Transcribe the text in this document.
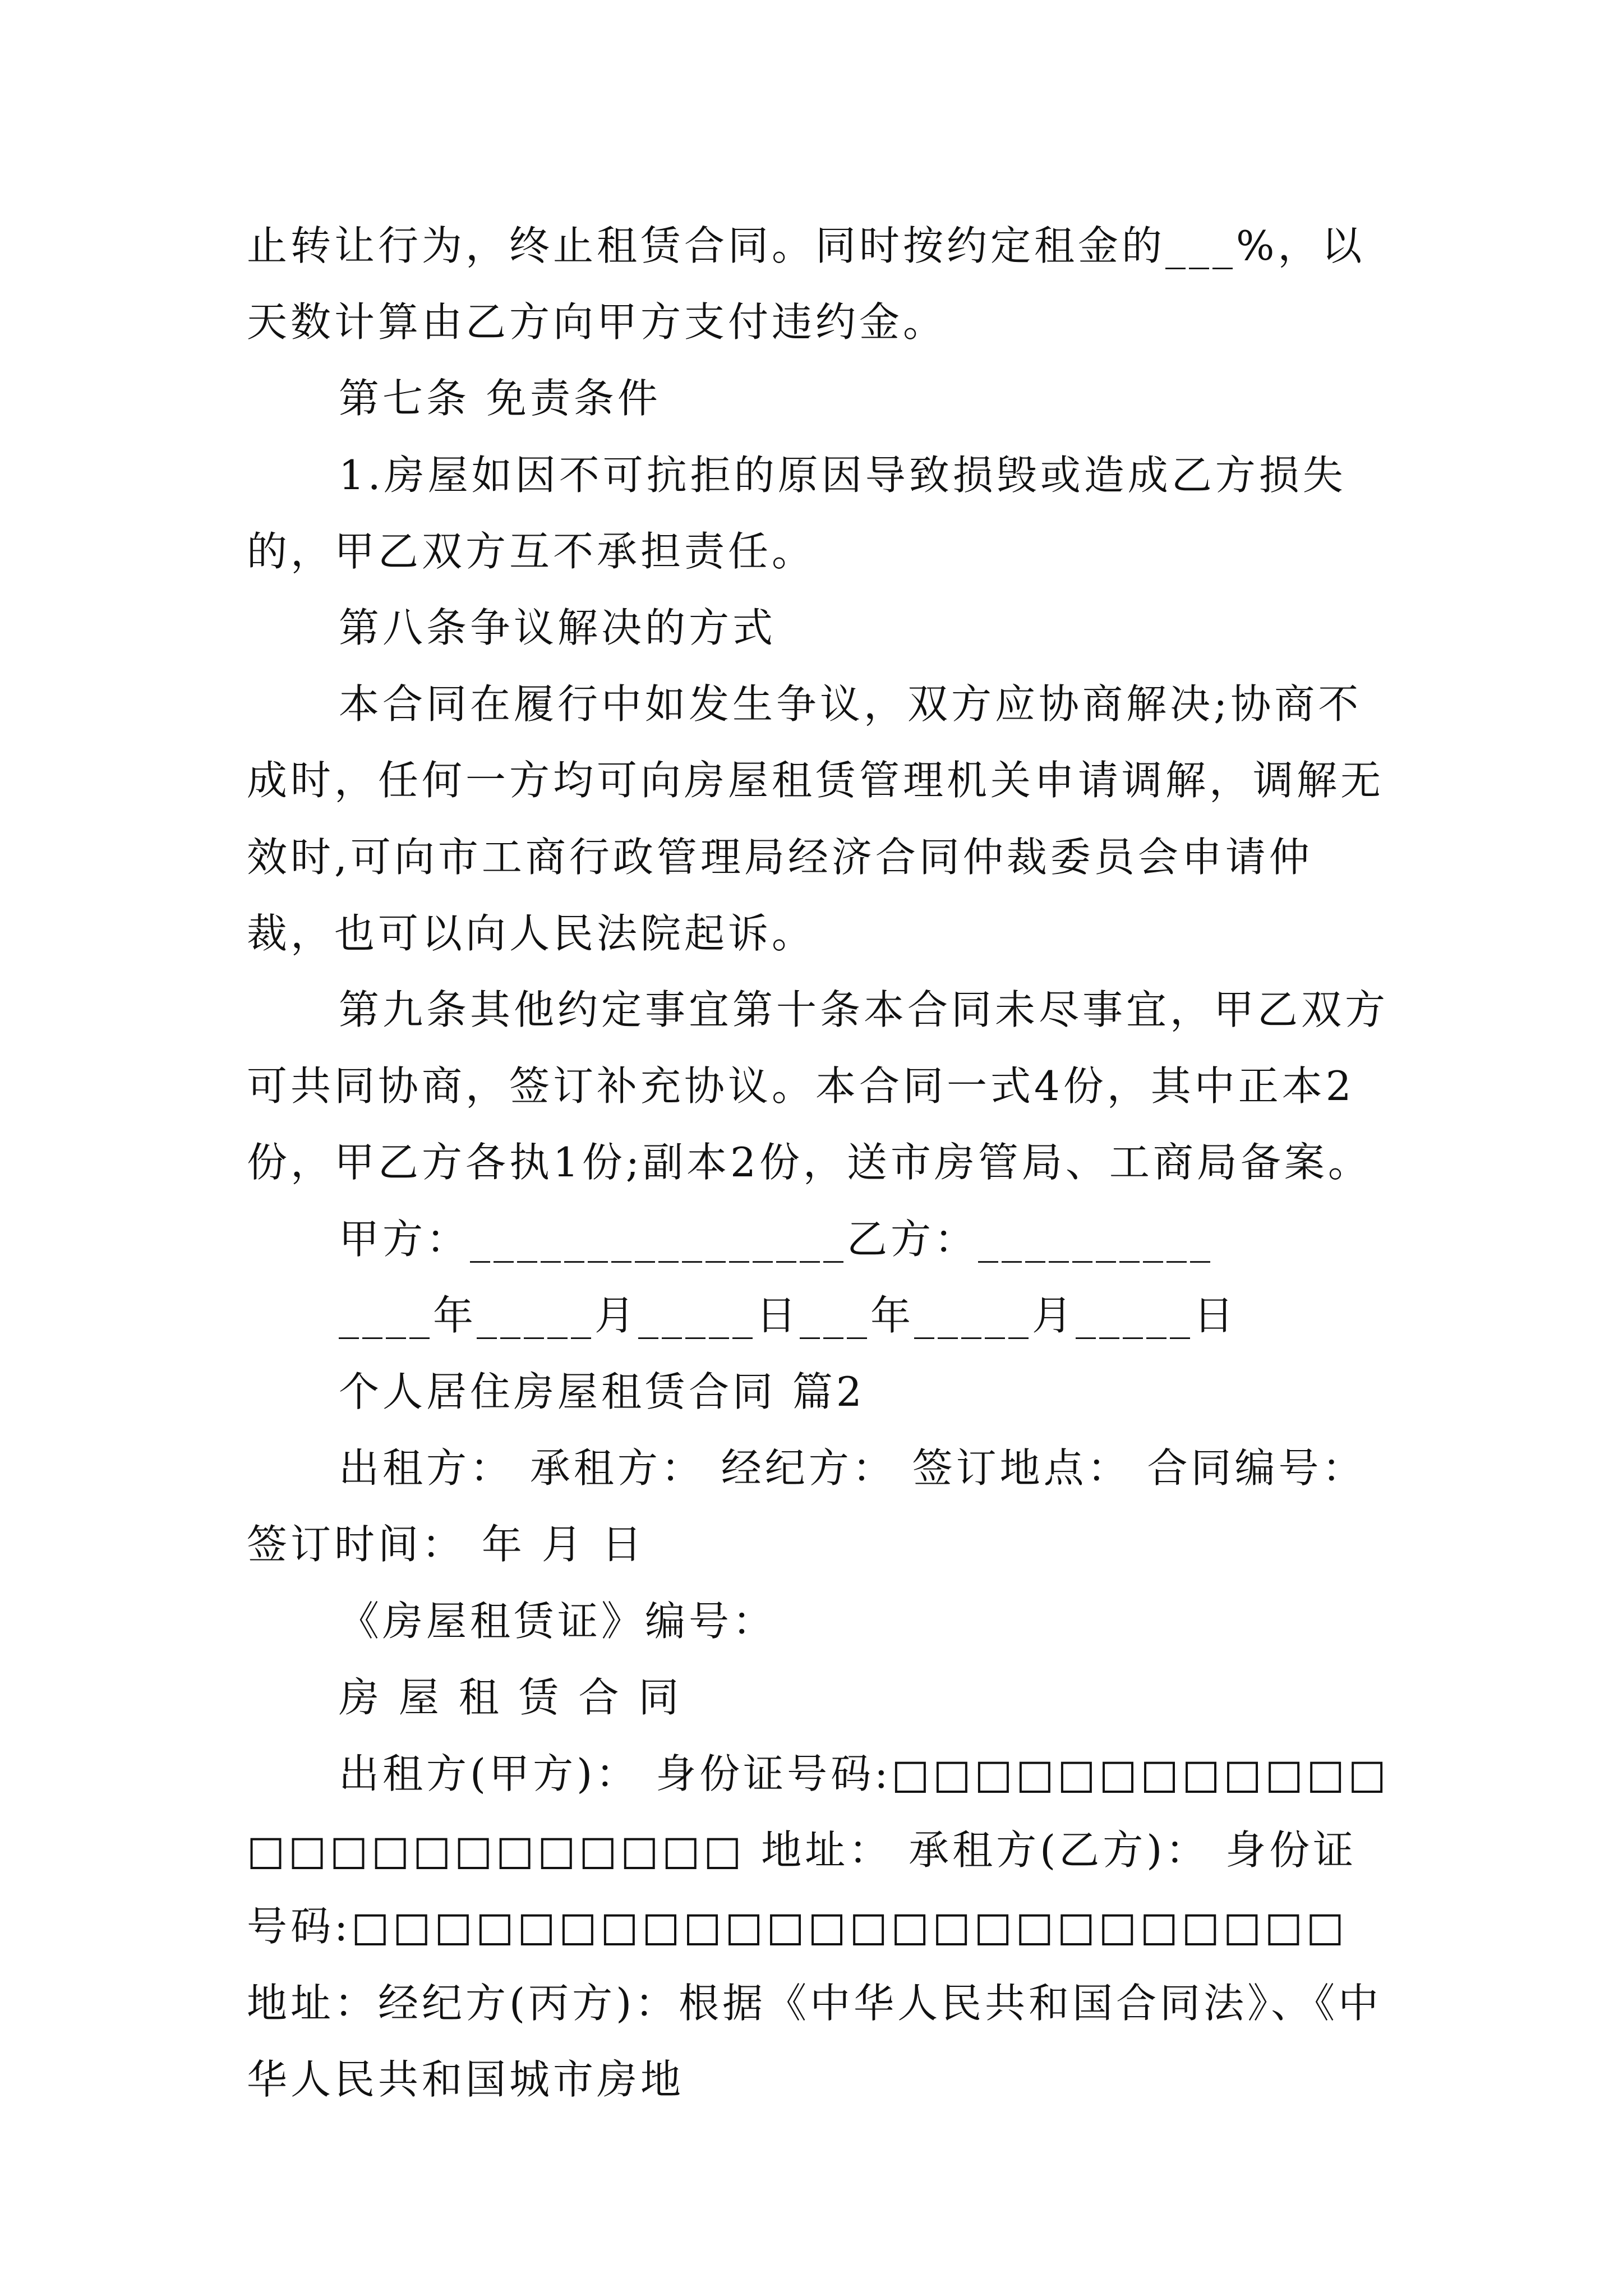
止转让行为，终止租赁合同。同时按约定租金的___%，以天数计算由乙方向甲方支付违约金。

第七条 免责条件

1.房屋如因不可抗拒的原因导致损毁或造成乙方损失的，甲乙双方互不承担责任。

第八条争议解决的方式

本合同在履行中如发生争议，双方应协商解决;协商不成时，任何一方均可向房屋租赁管理机关申请调解，调解无效时,可向市工商行政管理局经济合同仲裁委员会申请仲裁，也可以向人民法院起诉。

第九条其他约定事宜第十条本合同未尽事宜，甲乙双方可共同协商，签订补充协议。本合同一式4份，其中正本2份，甲乙方各执1份;副本2份，送市房管局、工商局备案。

甲方：________________乙方：__________

____年_____月_____日___年_____月_____日

个人居住房屋租赁合同 篇2

出租方： 承租方： 经纪方： 签订地点： 合同编号：签订时间： 年 月 日

《房屋租赁证》编号：

房 屋 租 赁 合 同

出租方(甲方)： 身份证号码:□□□□□□□□□□□□□□□□□□□□□□□□ 地址： 承租方(乙方)： 身份证号码:□□□□□□□□□□□□□□□□□□□□□□□□ 地址：经纪方(丙方)：根据《中华人民共和国合同法》、《中华人民共和国城市房地
